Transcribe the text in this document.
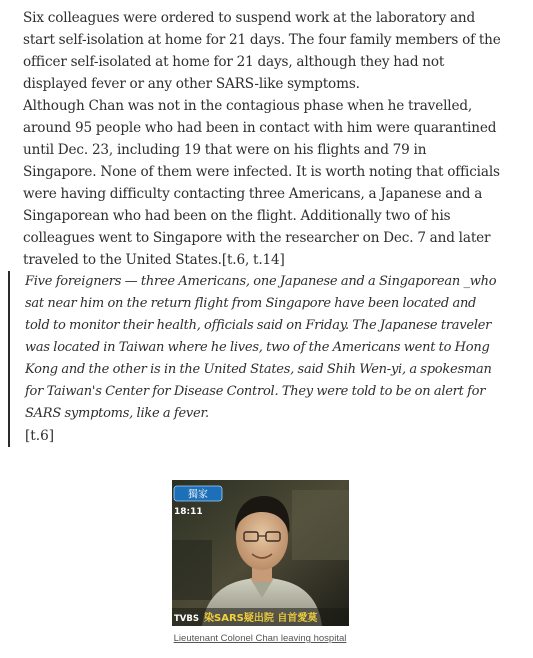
Six colleagues were ordered to suspend work at the laboratory and start self-isolation at home for 21 days. The four family members of the officer self-isolated at home for 21 days, although they had not displayed fever or any other SARS-like symptoms.

Although Chan was not in the contagious phase when he travelled, around 95 people who had been in contact with him were quarantined until Dec. 23, including 19 that were on his flights and 79 in Singapore. None of them were infected. It is worth noting that officials were having difficulty contacting three Americans, a Japanese and a Singaporean who had been on the flight. Additionally two of his colleagues went to Singapore with the researcher on Dec. 7 and later traveled to the United States.[t.6, t.14]

Five foreigners — three Americans, one Japanese and a Singaporean _who sat near him on the return flight from Singapore have been located and told to monitor their health, officials said on Friday. The Japanese traveler was located in Taiwan where he lives, two of the Americans went to Hong Kong and the other is in the United States, said Shih Wen-yi, a spokesman for Taiwan's Center for Disease Control. They were told to be on alert for SARS symptoms, like a fever.

[t.6]
獨家
18:11
TVBS 染SARS疑出院 自首愛莫
Lieutenant Colonel Chan leaving hospital
